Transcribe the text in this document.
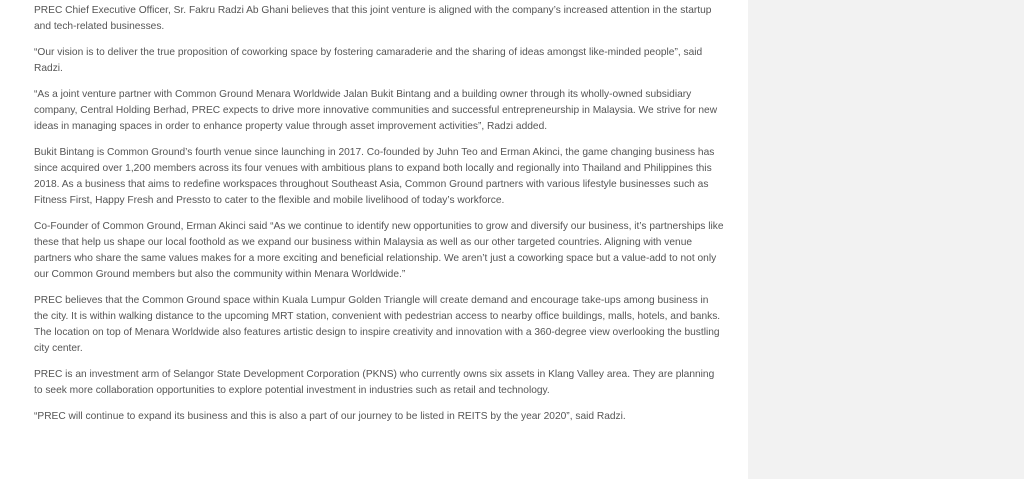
PREC Chief Executive Officer, Sr. Fakru Radzi Ab Ghani believes that this joint venture is aligned with the company’s increased attention in the startup and tech-related businesses.

“Our vision is to deliver the true proposition of coworking space by fostering camaraderie and the sharing of ideas amongst like-minded people”, said Radzi.

“As a joint venture partner with Common Ground Menara Worldwide Jalan Bukit Bintang and a building owner through its wholly-owned subsidiary company, Central Holding Berhad, PREC expects to drive more innovative communities and successful entrepreneurship in Malaysia. We strive for new ideas in managing spaces in order to enhance property value through asset improvement activities”, Radzi added.

Bukit Bintang is Common Ground’s fourth venue since launching in 2017. Co-founded by Juhn Teo and Erman Akinci, the game changing business has since acquired over 1,200 members across its four venues with ambitious plans to expand both locally and regionally into Thailand and Philippines this 2018. As a business that aims to redefine workspaces throughout Southeast Asia, Common Ground partners with various lifestyle businesses such as Fitness First, Happy Fresh and Pressto to cater to the flexible and mobile livelihood of today’s workforce.

Co-Founder of Common Ground, Erman Akinci said “As we continue to identify new opportunities to grow and diversify our business, it’s partnerships like these that help us shape our local foothold as we expand our business within Malaysia as well as our other targeted countries. Aligning with venue partners who share the same values makes for a more exciting and beneficial relationship. We aren’t just a coworking space but a value-add to not only our Common Ground members but also the community within Menara Worldwide.”

PREC believes that the Common Ground space within Kuala Lumpur Golden Triangle will create demand and encourage take-ups among business in the city. It is within walking distance to the upcoming MRT station, convenient with pedestrian access to nearby office buildings, malls, hotels, and banks. The location on top of Menara Worldwide also features artistic design to inspire creativity and innovation with a 360-degree view overlooking the bustling city center.

PREC is an investment arm of Selangor State Development Corporation (PKNS) who currently owns six assets in Klang Valley area. They are planning to seek more collaboration opportunities to explore potential investment in industries such as retail and technology.

“PREC will continue to expand its business and this is also a part of our journey to be listed in REITS by the year 2020”, said Radzi.
